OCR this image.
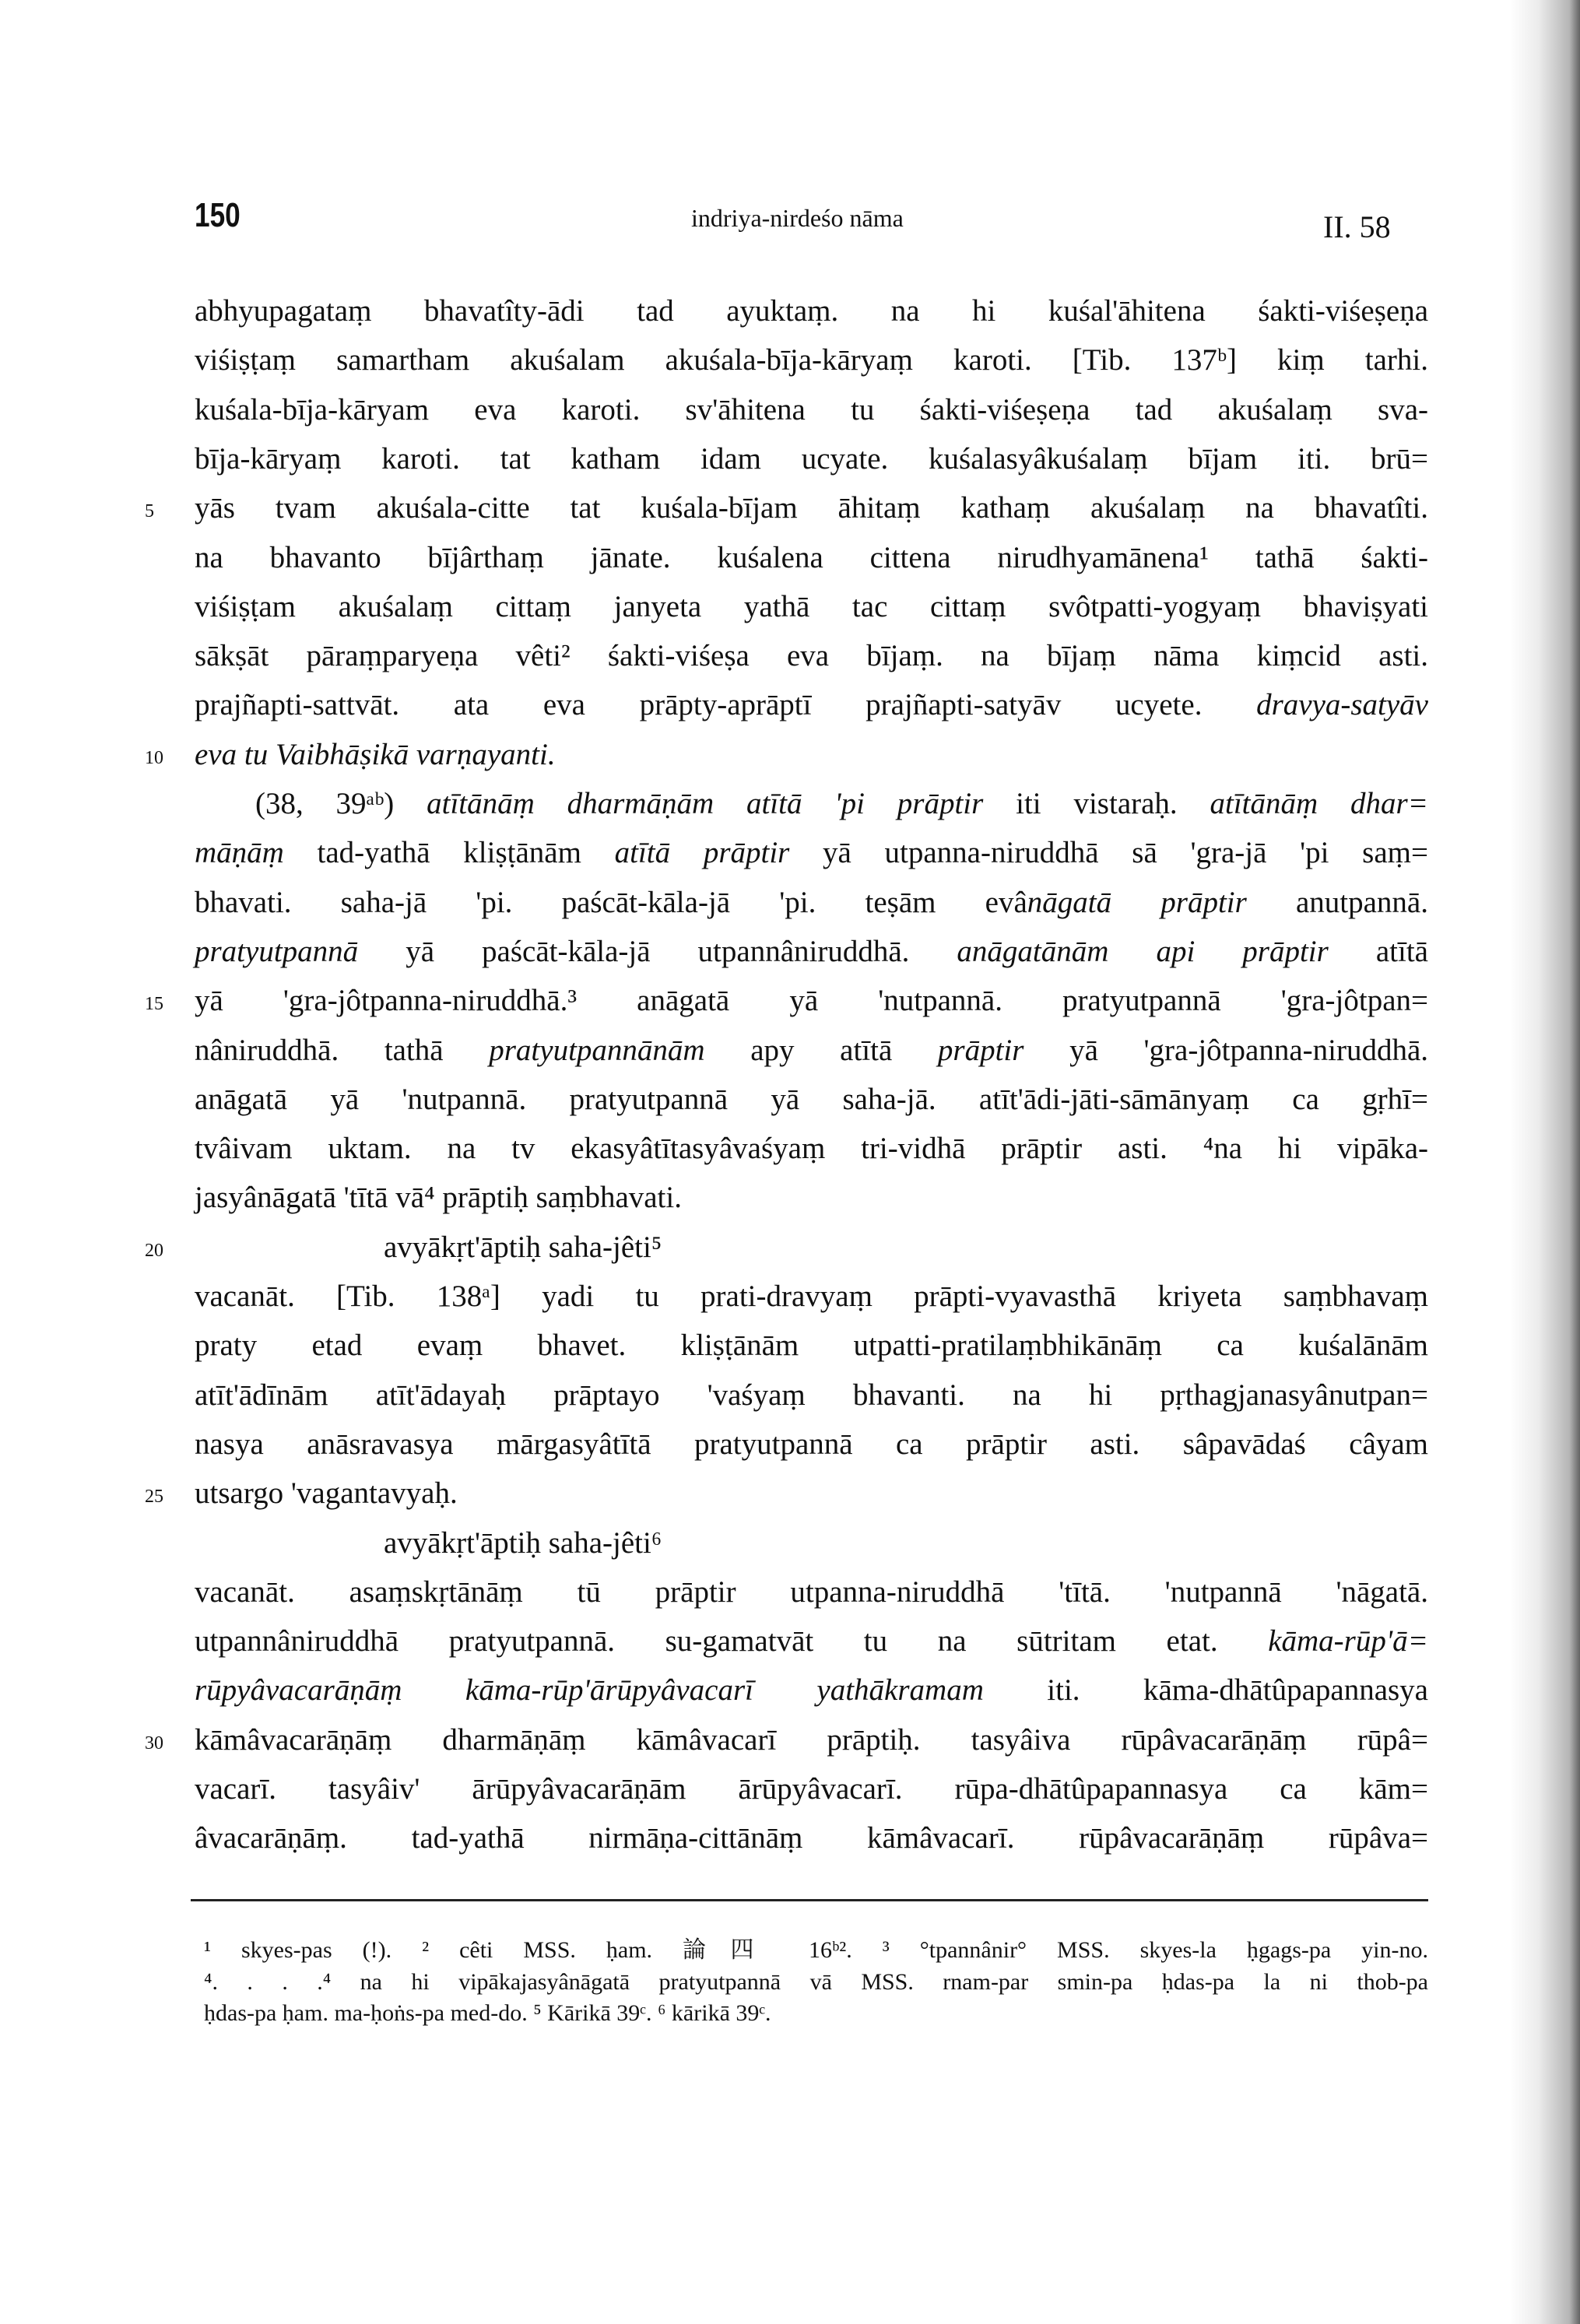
150	indriya-nirdeśo nāma	II. 58
abhyupagataṃ bhavatîty-ādi tad ayuktaṃ. na hi kuśal'āhitena śakti-viśeṣeṇa
viśiṣṭaṃ samartham akuśalam akuśala-bīja-kāryaṃ karoti. [Tib. 137ᵇ] kiṃ tarhi.
kuśala-bīja-kāryam eva karoti. sv'āhitena tu śakti-viśeṣeṇa tad akuśalaṃ sva-
bīja-kāryaṃ karoti. tat katham idam ucyate. kuśalasyâkuśalaṃ bījam iti. brū=
yās tvam akuśala-citte tat kuśala-bījam āhitaṃ kathaṃ akuśalaṃ na bhavatîti.
5
na bhavanto bījârthaṃ jānate. kuśalena cittena nirudhyamānena¹ tathā śakti-
viśiṣṭam akuśalaṃ cittaṃ janyeta yathā tac cittaṃ svôtpatti-yogyaṃ bhaviṣyati
sākṣāt pāraṃparyeṇa vêti² śakti-viśeṣa eva bījaṃ. na bījaṃ nāma kiṃcid asti.
prajñapti-sattvāt. ata eva prāpty-aprāptī prajñapti-satyāv ucyete. dravya-satyāv
eva tu Vaibhāṣikā varṇayanti.
10
(38, 39ᵃᵇ) atītānāṃ dharmāṇām atītā 'pi prāptir iti vistaraḥ. atītānāṃ dhar=
māṇāṃ tad-yathā kliṣṭānām atītā prāptir yā utpanna-niruddhā sā 'gra-jā 'pi saṃ=
bhavati. saha-jā 'pi. paścāt-kāla-jā 'pi. teṣām evânāgatā prāptir anutpannā.
pratyutpannā yā paścāt-kāla-jā utpannâniruddhā. anāgatānām api prāptir atītā
yā 'gra-jôtpanna-niruddhā.³ anāgatā yā 'nutpannā. pratyutpannā 'gra-jôtpan=
15
nâniruddhā. tathā pratyutpannānām apy atītā prāptir yā 'gra-jôtpanna-niruddhā.
anāgatā yā 'nutpannā. pratyutpannā yā saha-jā. atīt'ādi-jāti-sāmānyaṃ ca gṛhī=
tvâivam uktam. na tv ekasyâtītasyâvaśyaṃ tri-vidhā prāptir asti. ⁴na hi vipāka-
jasyânāgatā 'tītā vā⁴ prāptiḥ saṃbhavati.
avyākṛt'āptiḥ saha-jêti⁵
20
vacanāt. [Tib. 138ᵃ] yadi tu prati-dravyaṃ prāpti-vyavasthā kriyeta saṃbhavaṃ
praty etad evaṃ bhavet. kliṣṭānām utpatti-pratilaṃbhikānāṃ ca kuśalānām
atīt'ādīnām atīt'ādayaḥ prāptayo 'vaśyaṃ bhavanti. na hi pṛthagjanasyânutpan=
nasya anāsravasya mārgasyâtītā pratyutpannā ca prāptir asti. sâpavādaś câyam
utsargo 'vagantavyaḥ.
25
avyākṛt'āptiḥ saha-jêti⁶
vacanāt. asaṃskṛtānāṃ tū prāptir utpanna-niruddhā 'tītā. 'nutpannā 'nāgatā.
utpannâniruddhā pratyutpannā. su-gamatvāt tu na sūtritam etat. kāma-rūp'ā=
rūpyâvacarāṇāṃ kāma-rūp'ārūpyâvacarī yathākramam iti. kāma-dhātûpapannasya
kāmâvacarāṇāṃ dharmāṇāṃ kāmâvacarī prāptiḥ. tasyâiva rūpâvacarāṇāṃ rūpâ=
30
vacarī. tasyâiv' ārūpyâvacarāṇām ārūpyâvacarī. rūpa-dhātûpapannasya ca kām=
âvacarāṇāṃ. tad-yathā nirmāṇa-cittānāṃ kāmâvacarī. rūpâvacarāṇāṃ rūpâva=
¹ skyes-pas (!). ² cêti MSS. ḥam. 論四 16ᵇ². ³ °tpannânir° MSS. skyes-la ḥgags-pa yin-no.
⁴. . . .⁴ na hi vipākajasyânāgatā pratyutpannā vā MSS. rnam-par smin-pa ḥdas-pa la ni thob-pa
ḥdas-pa ḥam. ma-ḥoṅs-pa med-do. ⁵ Kārikā 39ᶜ. ⁶ kārikā 39ᶜ.
